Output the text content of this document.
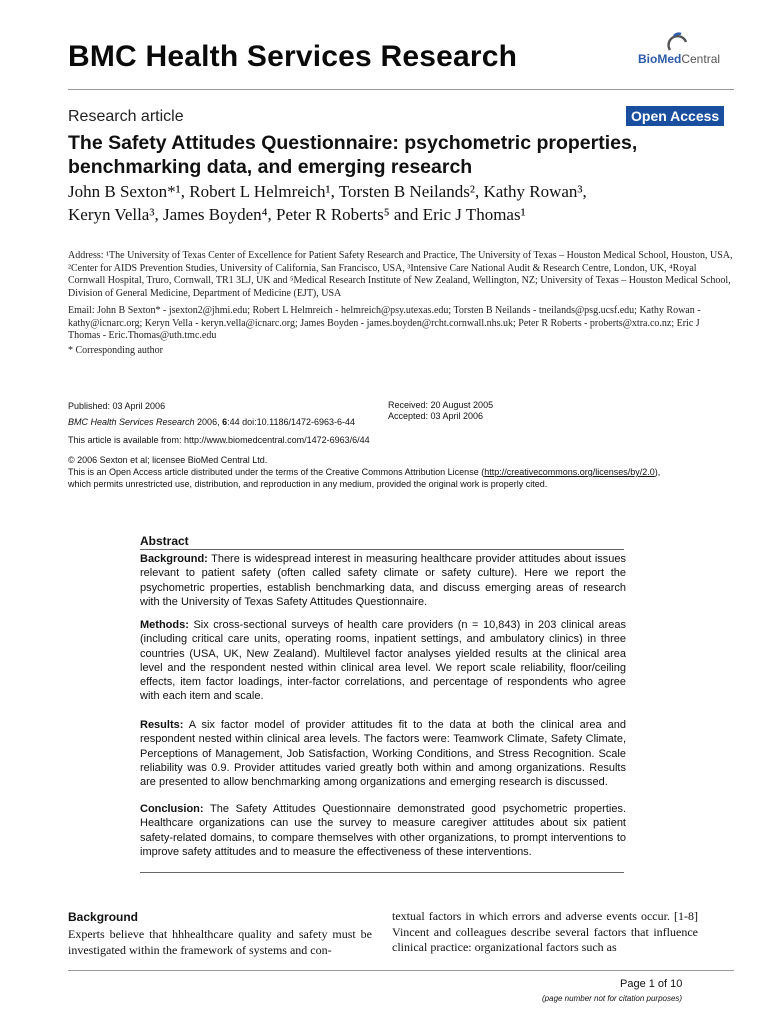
BMC Health Services Research	BioMedCentral
Research article	Open Access
The Safety Attitudes Questionnaire: psychometric properties, benchmarking data, and emerging research
John B Sexton*¹, Robert L Helmreich¹, Torsten B Neilands², Kathy Rowan³,
Keryn Vella³, James Boyden⁴, Peter R Roberts⁵ and Eric J Thomas¹
Address: ¹The University of Texas Center of Excellence for Patient Safety Research and Practice, The University of Texas – Houston Medical School, Houston, USA, ²Center for AIDS Prevention Studies, University of California, San Francisco, USA, ³Intensive Care National Audit & Research Centre, London, UK, ⁴Royal Cornwall Hospital, Truro, Cornwall, TR1 3LJ, UK and ⁵Medical Research Institute of New Zealand, Wellington, NZ; University of Texas – Houston Medical School, Division of General Medicine, Department of Medicine (EJT), USA
Email: John B Sexton* - jsexton2@jhmi.edu; Robert L Helmreich - helmreich@psy.utexas.edu; Torsten B Neilands - tneilands@psg.ucsf.edu; Kathy Rowan - kathy@icnarc.org; Keryn Vella - keryn.vella@icnarc.org; James Boyden - james.boyden@rcht.cornwall.nhs.uk; Peter R Roberts - proberts@xtra.co.nz; Eric J Thomas - Eric.Thomas@uth.tmc.edu
* Corresponding author
Published: 03 April 2006
BMC Health Services Research 2006, 6:44 doi:10.1186/1472-6963-6-44
Received: 20 August 2005
Accepted: 03 April 2006
This article is available from: http://www.biomedcentral.com/1472-6963/6/44
© 2006 Sexton et al; licensee BioMed Central Ltd.
This is an Open Access article distributed under the terms of the Creative Commons Attribution License (http://creativecommons.org/licenses/by/2.0),
which permits unrestricted use, distribution, and reproduction in any medium, provided the original work is properly cited.
Abstract
Background: There is widespread interest in measuring healthcare provider attitudes about issues relevant to patient safety (often called safety climate or safety culture). Here we report the psychometric properties, establish benchmarking data, and discuss emerging areas of research with the University of Texas Safety Attitudes Questionnaire.
Methods: Six cross-sectional surveys of health care providers (n = 10,843) in 203 clinical areas (including critical care units, operating rooms, inpatient settings, and ambulatory clinics) in three countries (USA, UK, New Zealand). Multilevel factor analyses yielded results at the clinical area level and the respondent nested within clinical area level. We report scale reliability, floor/ceiling effects, item factor loadings, inter-factor correlations, and percentage of respondents who agree with each item and scale.
Results: A six factor model of provider attitudes fit to the data at both the clinical area and respondent nested within clinical area levels. The factors were: Teamwork Climate, Safety Climate, Perceptions of Management, Job Satisfaction, Working Conditions, and Stress Recognition. Scale reliability was 0.9. Provider attitudes varied greatly both within and among organizations. Results are presented to allow benchmarking among organizations and emerging research is discussed.
Conclusion: The Safety Attitudes Questionnaire demonstrated good psychometric properties. Healthcare organizations can use the survey to measure caregiver attitudes about six patient safety-related domains, to compare themselves with other organizations, to prompt interventions to improve safety attitudes and to measure the effectiveness of these interventions.
Background
Experts believe that hhhealthcare quality and safety must be investigated within the framework of systems and con-
textual factors in which errors and adverse events occur. [1-8] Vincent and colleagues describe several factors that influence clinical practice: organizational factors such as
Page 1 of 10
(page number not for citation purposes)
